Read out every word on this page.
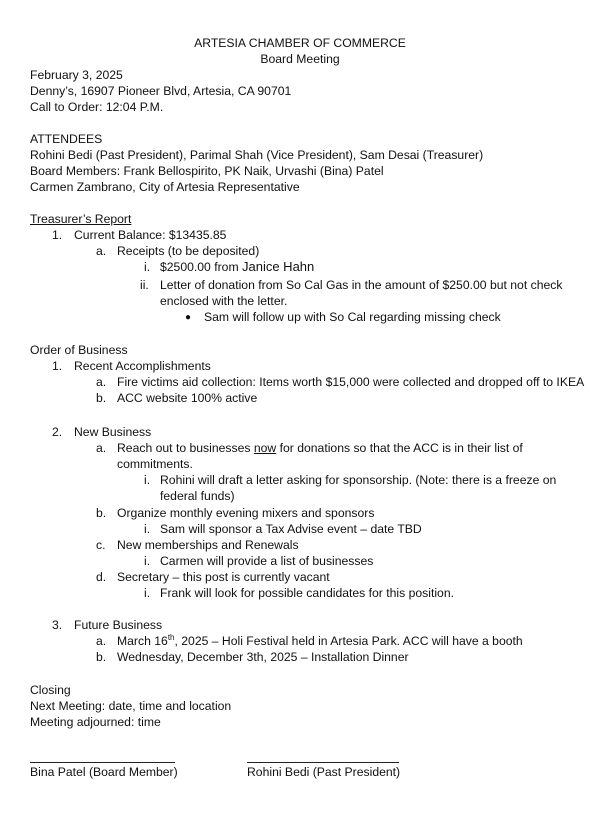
ARTESIA CHAMBER OF COMMERCE
Board Meeting
February 3, 2025
Denny’s, 16907 Pioneer Blvd, Artesia, CA 90701
Call to Order: 12:04 P.M.
ATTENDEES
Rohini Bedi (Past President), Parimal Shah (Vice President), Sam Desai (Treasurer)
Board Members: Frank Bellospirito, PK Naik, Urvashi (Bina) Patel
Carmen Zambrano, City of Artesia Representative
Treasurer’s Report
1. Current Balance: $13435.85
a. Receipts (to be deposited)
i. $2500.00 from Janice Hahn
ii. Letter of donation from So Cal Gas in the amount of $250.00 but not check
enclosed with the letter.
● Sam will follow up with So Cal regarding missing check
Order of Business
1. Recent Accomplishments
a. Fire victims aid collection: Items worth $15,000 were collected and dropped off to IKEA
b. ACC website 100% active
2. New Business
a. Reach out to businesses now for donations so that the ACC is in their list of
commitments.
i. Rohini will draft a letter asking for sponsorship. (Note: there is a freeze on
federal funds)
b. Organize monthly evening mixers and sponsors
i. Sam will sponsor a Tax Advise event – date TBD
c. New memberships and Renewals
i. Carmen will provide a list of businesses
d. Secretary – this post is currently vacant
i. Frank will look for possible candidates for this position.
3. Future Business
a. March 16th, 2025 – Holi Festival held in Artesia Park. ACC will have a booth
b. Wednesday, December 3th, 2025 – Installation Dinner
Closing
Next Meeting: date, time and location
Meeting adjourned: time
Bina Patel (Board Member)	Rohini Bedi (Past President)
